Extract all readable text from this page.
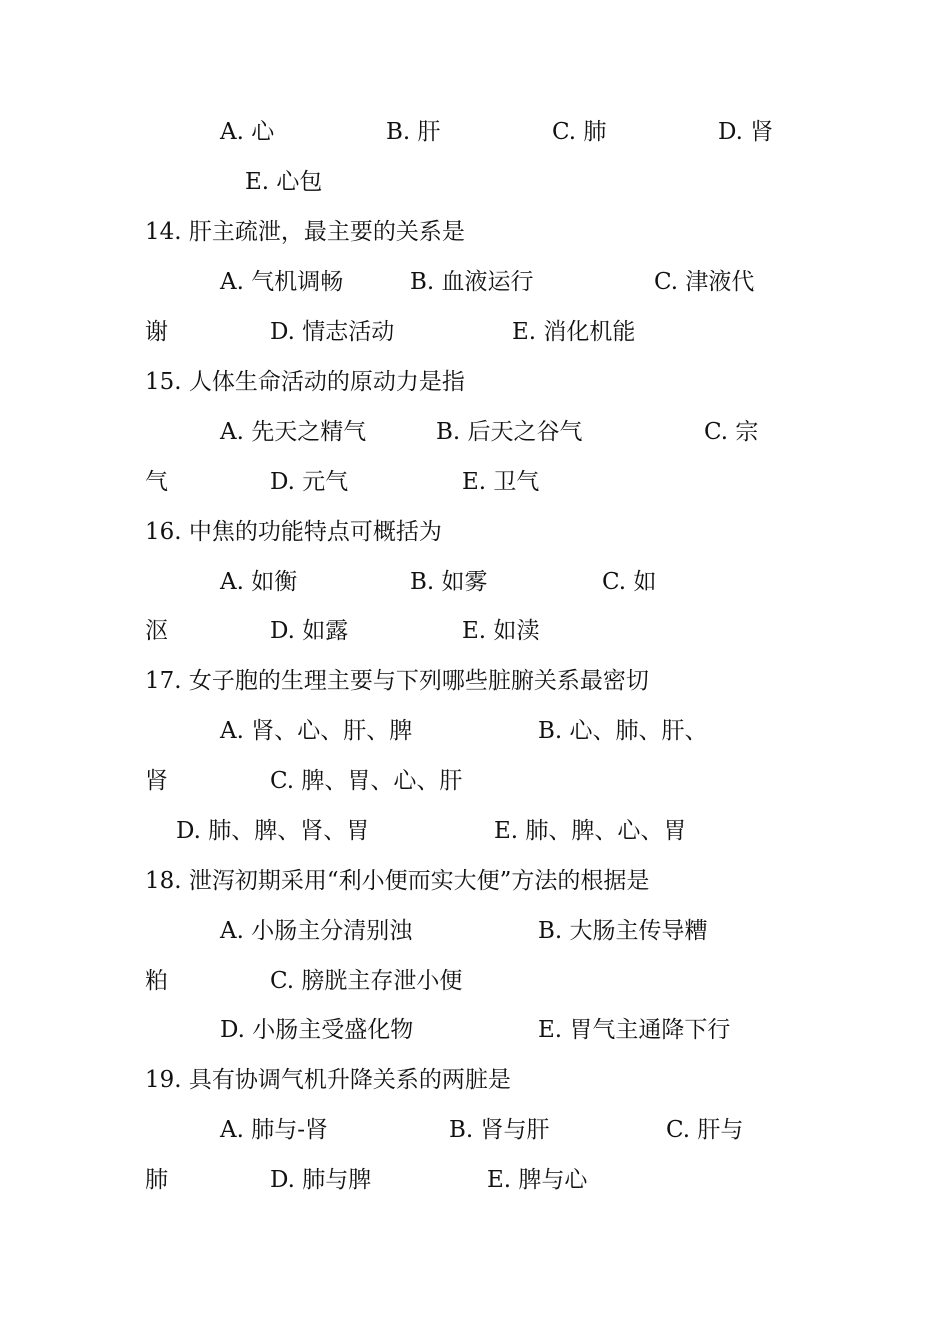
A. 心	B. 肝	C. 肺	D. 肾
E. 心包
14. 肝主疏泄，最主要的关系是
A. 气机调畅	B. 血液运行	C. 津液代
谢	D. 情志活动	E. 消化机能
15. 人体生命活动的原动力是指
A. 先天之精气	B. 后天之谷气	C. 宗
气	D. 元气	E. 卫气
16. 中焦的功能特点可概括为
A. 如衡	B. 如雾	C. 如
沤	D. 如露	E. 如渎
17. 女子胞的生理主要与下列哪些脏腑关系最密切
A. 肾、心、肝、脾	B. 心、肺、肝、
肾	C. 脾、胃、心、肝
D. 肺、脾、肾、胃	E. 肺、脾、心、胃
18. 泄泻初期采用“利小便而实大便”方法的根据是
A. 小肠主分清别浊	B. 大肠主传导糟
粕	C. 膀胱主存泄小便
D. 小肠主受盛化物	E. 胃气主通降下行
19. 具有协调气机升降关系的两脏是
A. 肺与-肾	B. 肾与肝	C. 肝与
肺	D. 肺与脾	E. 脾与心
